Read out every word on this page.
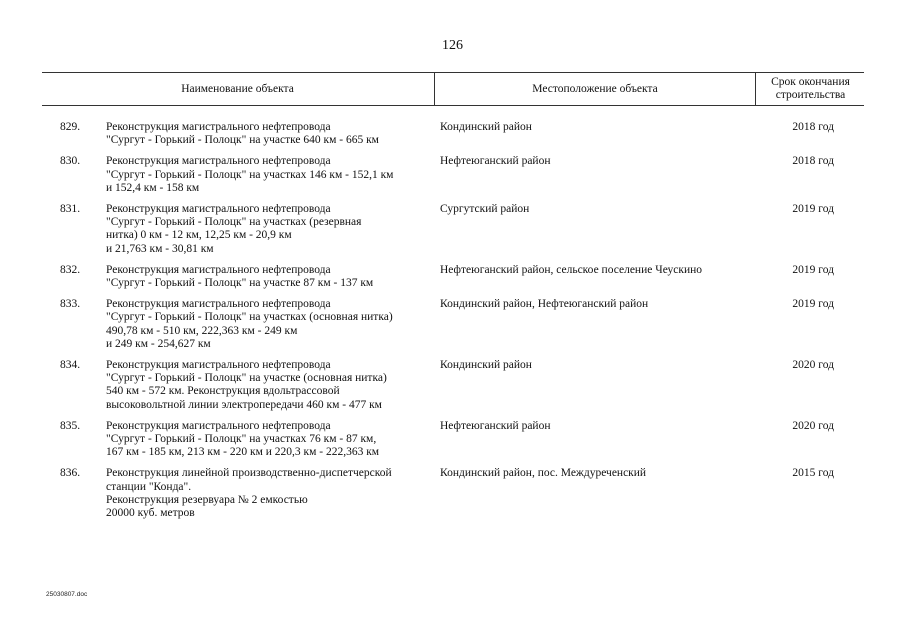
126
Наименование объекта	Местоположение объекта
Срок окончания
строительства
829.	Реконструкция магистрального нефтепровода
"Сургут - Горький - Полоцк" на участке 640 км - 665 км
Кондинский район	2018 год
830.	Реконструкция магистрального нефтепровода
"Сургут - Горький - Полоцк" на участках 146 км - 152,1 км
и 152,4 км - 158 км
Нефтеюганский район	2018 год
831.	Реконструкция магистрального нефтепровода
"Сургут - Горький - Полоцк" на участках (резервная
нитка) 0 км - 12 км, 12,25 км - 20,9 км
и 21,763 км - 30,81 км
Сургутский район	2019 год
832.	Реконструкция магистрального нефтепровода
"Сургут - Горький - Полоцк" на участке 87 км - 137 км
Нефтеюганский район, сельское поселение Чеускино	2019 год
833.	Реконструкция магистрального нефтепровода
"Сургут - Горький - Полоцк" на участках (основная нитка)
490,78 км - 510 км, 222,363 км - 249 км
и 249 км - 254,627 км
Кондинский район, Нефтеюганский район	2019 год
834.	Реконструкция магистрального нефтепровода
"Сургут - Горький - Полоцк" на участке (основная нитка)
540 км - 572 км. Реконструкция вдольтрассовой
высоковольтной линии электропередачи 460 км - 477 км
Кондинский район	2020 год
835.	Реконструкция магистрального нефтепровода
"Сургут - Горький - Полоцк" на участках 76 км - 87 км,
167 км - 185 км, 213 км - 220 км и 220,3 км - 222,363 км
Нефтеюганский район	2020 год
836.	Реконструкция линейной производственно-диспетчерской
станции "Конда".
Реконструкция резервуара № 2 емкостью
20000 куб. метров
Кондинский район, пос. Междуреченский	2015 год
25030807.doc
